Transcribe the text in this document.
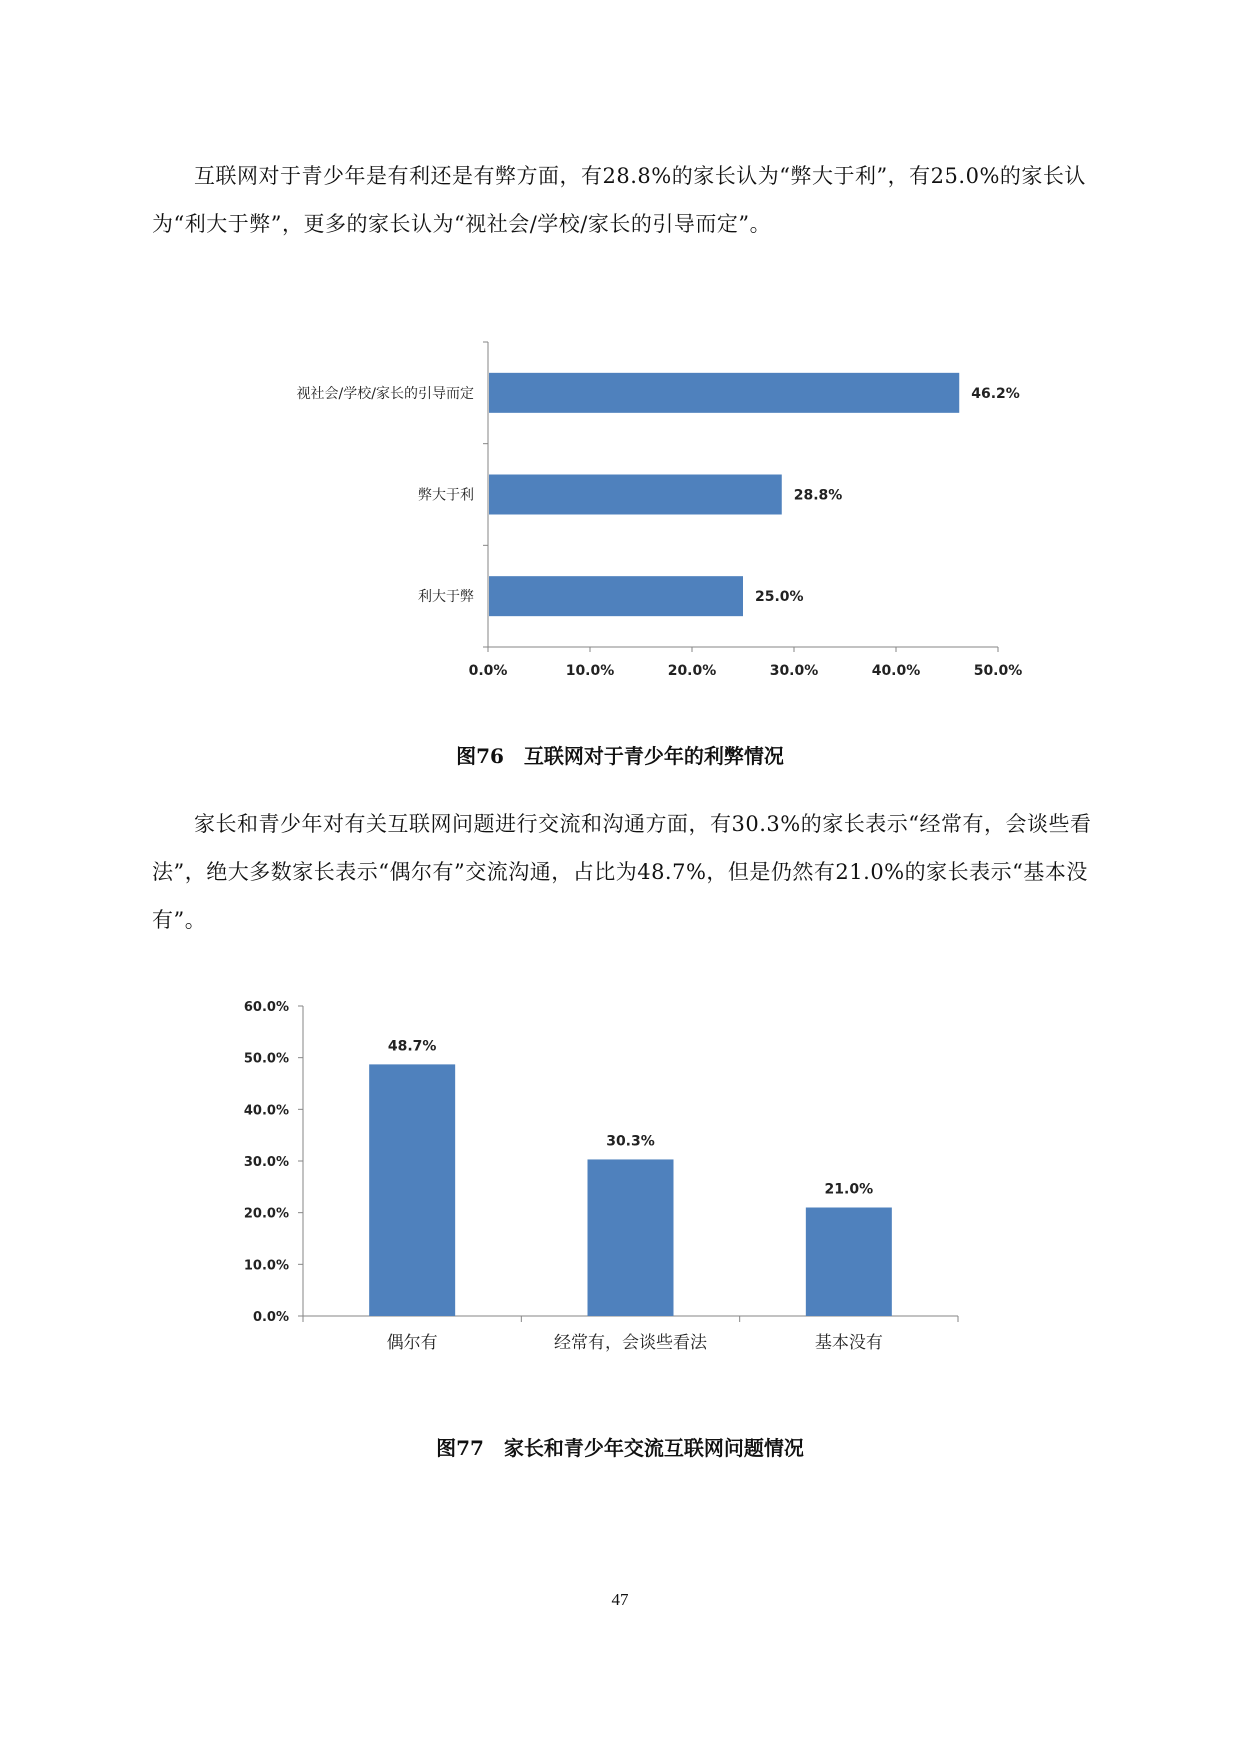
互联网对于青少年是有利还是有弊方面，有28.8%的家长认为“弊大于利”，有25.0%的家长认为“利大于弊”，更多的家长认为“视社会/学校/家长的引导而定”。

0.0%	10.0%	20.0%	30.0%	40.0%	50.0%
视社会/学校/家长的引导而定	46.2%
弊大于利	28.8%
利大于弊	25.0%

图76　互联网对于青少年的利弊情况

家长和青少年对有关互联网问题进行交流和沟通方面，有30.3%的家长表示“经常有，会谈些看法”，绝大多数家长表示“偶尔有”交流沟通，占比为48.7%，但是仍然有21.0%的家长表示“基本没有”。

0.0%
10.0%
20.0%
30.0%
40.0%
50.0%
60.0%
48.7%
偶尔有
30.3%
经常有，会谈些看法
21.0%
基本没有

图77　家长和青少年交流互联网问题情况

47
